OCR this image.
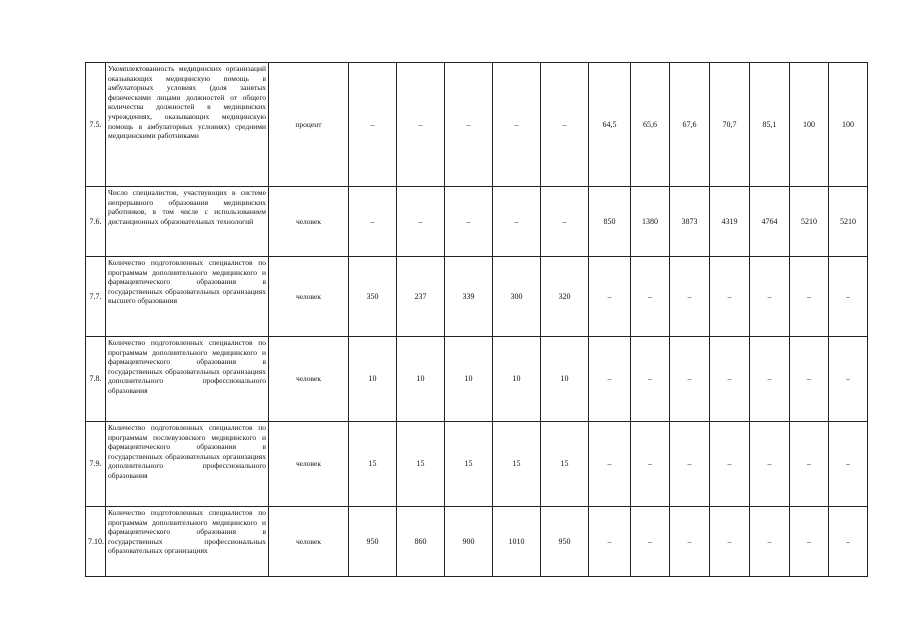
7.5.	Укомплектованность медицинских организаций оказывающих медицинскую помощь в амбулаторных условиях (доля занятых физическими лицами должностей от общего количества должностей в медицинских учреждениях, оказывающих медицинскую помощь в амбулаторных условиях) средними медицинскими работниками	процент	–	–	–	–	–	64,5	65,6	67,6	70,7	85,1	100	100
7.6.	Число специалистов, участвующих в системе непрерывного образования медицинских работников, в том числе с использованием дистанционных образовательных технологий	человек	–	–	–	–	–	850	1380	3873	4319	4764	5210	5210
7.7.	Количество подготовленных специалистов по программам дополнительного медицинского и фармацевтического образования в государственных образовательных организациях высшего образования	человек	350	237	339	300	320	–	–	–	–	–	–	–
7.8.	Количество подготовленных специалистов по программам дополнительного медицинского и фармацевтического образования в государственных образовательных организациях дополнительного профессионального образования	человек	10	10	10	10	10	–	–	–	–	–	–	–
7.9.	Количество подготовленных специалистов по программам послевузовского медицинского и фармацевтического образования в государственных образовательных организациях дополнительного профессионального образования	человек	15	15	15	15	15	–	–	–	–	–	–	–
7.10.	Количество подготовленных специалистов по программам дополнительного медицинского и фармацевтического образования в государственных профессиональных образовательных организациях	человек	950	860	900	1010	950	–	–	–	–	–	–	–
